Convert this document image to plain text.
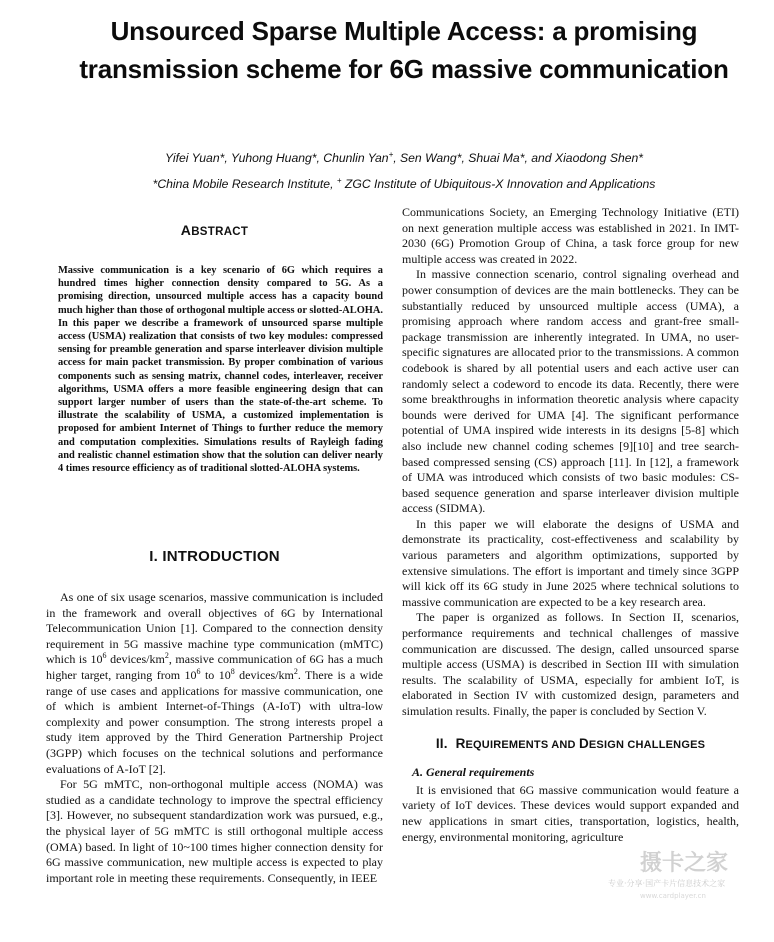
Unsourced Sparse Multiple Access: a promising transmission scheme for 6G massive communication
Yifei Yuan*, Yuhong Huang*, Chunlin Yan+, Sen Wang*, Shuai Ma*, and Xiaodong Shen*
*China Mobile Research Institute, + ZGC Institute of Ubiquitous-X Innovation and Applications
ABSTRACT

Massive communication is a key scenario of 6G which requires a hundred times higher connection density compared to 5G. As a promising direction, unsourced multiple access has a capacity bound much higher than those of orthogonal multiple access or slotted-ALOHA. In this paper we describe a framework of unsourced sparse multiple access (USMA) realization that consists of two key modules: compressed sensing for preamble generation and sparse interleaver division multiple access for main packet transmission. By proper combination of various components such as sensing matrix, channel codes, interleaver, receiver algorithms, USMA offers a more feasible engineering design that can support larger number of users than the state-of-the-art scheme. To illustrate the scalability of USMA, a customized implementation is proposed for ambient Internet of Things to further reduce the memory and computation complexities. Simulations results of Rayleigh fading and realistic channel estimation show that the solution can deliver nearly 4 times resource efficiency as of traditional slotted-ALOHA systems.

I. INTRODUCTION

As one of six usage scenarios, massive communication is included in the framework and overall objectives of 6G by International Telecommunication Union [1]. Compared to the connection density requirement in 5G massive machine type communication (mMTC) which is $10^6$ devices/$km^2$, massive communication of 6G has a much higher target, ranging from $10^6$ to $10^8$ devices/$km^2$. There is a wide range of use cases and applications for massive communication, one of which is ambient Internet-of-Things (A-IoT) with ultra-low complexity and power consumption. The strong interests propel a study item approved by the Third Generation Partnership Project (3GPP) which focuses on the technical solutions and performance evaluations of A-IoT [2].

For 5G mMTC, non-orthogonal multiple access (NOMA) was studied as a candidate technology to improve the spectral efficiency [3]. However, no subsequent standardization work was pursued, e.g., the physical layer of 5G mMTC is still orthogonal multiple access (OMA) based. In light of 10~100 times higher connection density for 6G massive communication, new multiple access is expected to play important role in meeting these requirements. Consequently, in IEEE

Communications Society, an Emerging Technology Initiative (ETI) on next generation multiple access was established in 2021. In IMT-2030 (6G) Promotion Group of China, a task force group for new multiple access was created in 2022.

In massive connection scenario, control signaling overhead and power consumption of devices are the main bottlenecks. They can be substantially reduced by unsourced multiple access (UMA), a promising approach where random access and grant-free small-package transmission are inherently integrated. In UMA, no user-specific signatures are allocated prior to the transmissions. A common codebook is shared by all potential users and each active user can randomly select a codeword to encode its data. Recently, there were some breakthroughs in information theoretic analysis where capacity bounds were derived for UMA [4]. The significant performance potential of UMA inspired wide interests in its designs [5-8] which also include new channel coding schemes [9][10] and tree search-based compressed sensing (CS) approach [11]. In [12], a framework of UMA was introduced which consists of two basic modules: CS-based sequence generation and sparse interleaver division multiple access (SIDMA).

In this paper we will elaborate the designs of USMA and demonstrate its practicality, cost-effectiveness and scalability by various parameters and algorithm optimizations, supported by extensive simulations. The effort is important and timely since 3GPP will kick off its 6G study in June 2025 where technical solutions to massive communication are expected to be a key research area.

The paper is organized as follows. In Section II, scenarios, performance requirements and technical challenges of massive communication are discussed. The design, called unsourced sparse multiple access (USMA) is described in Section III with simulation results. The scalability of USMA, especially for ambient IoT, is elaborated in Section IV with customized design, parameters and simulation results. Finally, the paper is concluded by Section V.

II.  REQUIREMENTS AND DESIGN CHALLENGES
A. General requirements

It is envisioned that 6G massive communication would feature a variety of IoT devices. These devices would support expanded and new applications in smart cities, transportation, logistics, health, energy, environmental monitoring, agriculture

摄卡之家
专业·分享·国产卡片信息技术之家
www.cardplayer.cn
